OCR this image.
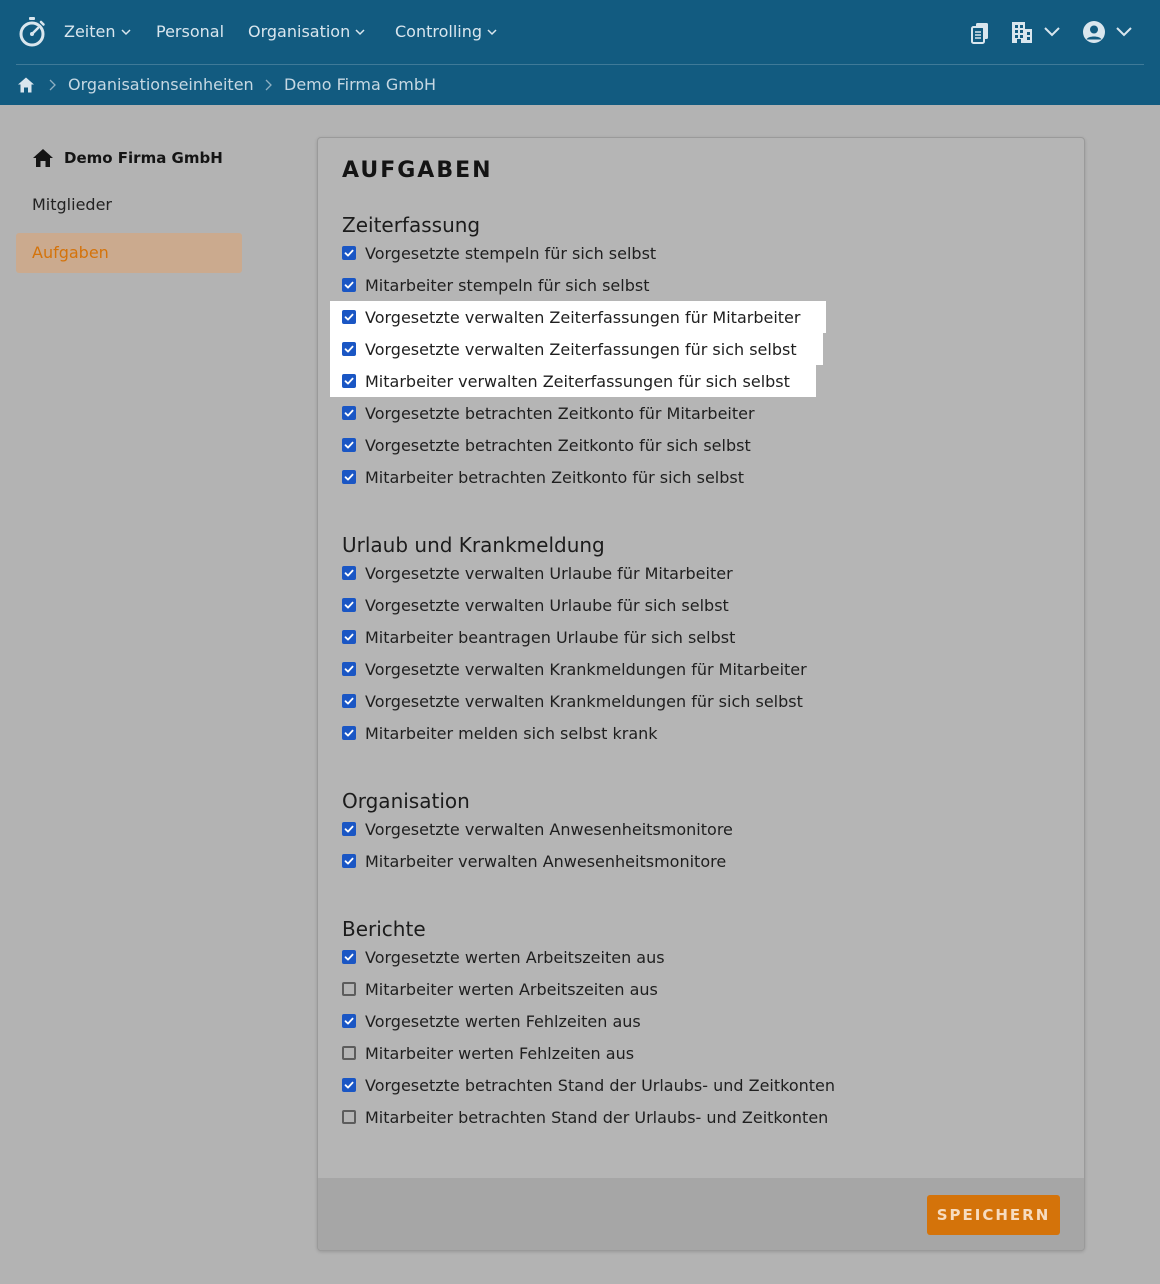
Zeiten	Personal Organisation	Controlling
Organisationseinheiten Demo Firma GmbH
Demo Firma GmbH
Mitglieder
Aufgaben
AUFGABEN
Zeiterfassung
Vorgesetzte stempeln für sich selbst
Mitarbeiter stempeln für sich selbst
Vorgesetzte verwalten Zeiterfassungen für Mitarbeiter
Vorgesetzte verwalten Zeiterfassungen für sich selbst
Mitarbeiter verwalten Zeiterfassungen für sich selbst
Vorgesetzte betrachten Zeitkonto für Mitarbeiter
Vorgesetzte betrachten Zeitkonto für sich selbst
Mitarbeiter betrachten Zeitkonto für sich selbst
Urlaub und Krankmeldung
Vorgesetzte verwalten Urlaube für Mitarbeiter
Vorgesetzte verwalten Urlaube für sich selbst
Mitarbeiter beantragen Urlaube für sich selbst
Vorgesetzte verwalten Krankmeldungen für Mitarbeiter
Vorgesetzte verwalten Krankmeldungen für sich selbst
Mitarbeiter melden sich selbst krank
Organisation
Vorgesetzte verwalten Anwesenheitsmonitore
Mitarbeiter verwalten Anwesenheitsmonitore
Berichte
Vorgesetzte werten Arbeitszeiten aus
Mitarbeiter werten Arbeitszeiten aus
Vorgesetzte werten Fehlzeiten aus
Mitarbeiter werten Fehlzeiten aus
Vorgesetzte betrachten Stand der Urlaubs- und Zeitkonten
Mitarbeiter betrachten Stand der Urlaubs- und Zeitkonten
SPEICHERN
